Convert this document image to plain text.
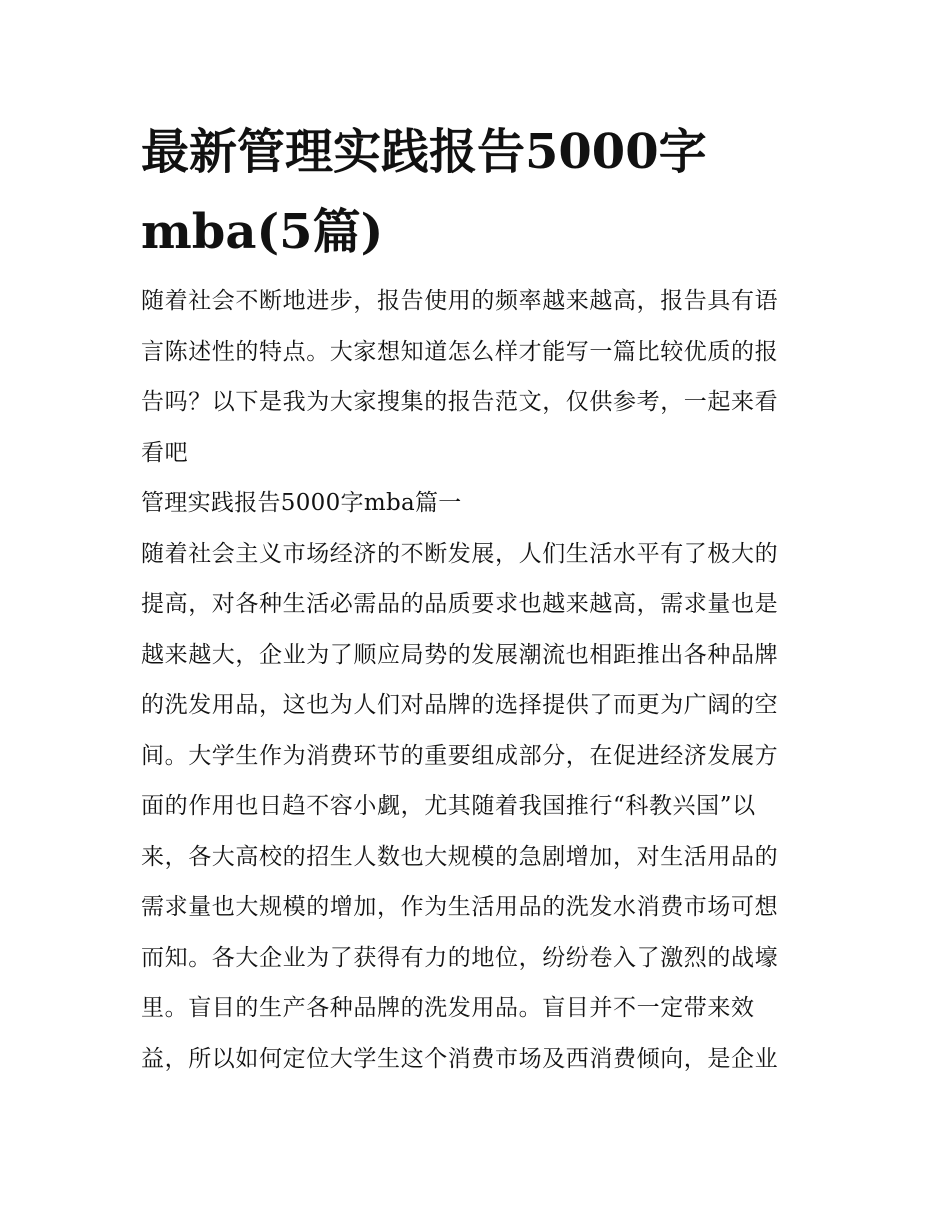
最新管理实践报告5000字
mba(5篇)

随着社会不断地进步，报告使用的频率越来越高，报告具有语
言陈述性的特点。大家想知道怎么样才能写一篇比较优质的报
告吗？以下是我为大家搜集的报告范文，仅供参考，一起来看
看吧

管理实践报告5000字mba篇一

随着社会主义市场经济的不断发展，人们生活水平有了极大的
提高，对各种生活必需品的品质要求也越来越高，需求量也是
越来越大，企业为了顺应局势的发展潮流也相距推出各种品牌
的洗发用品，这也为人们对品牌的选择提供了而更为广阔的空
间。大学生作为消费环节的重要组成部分，在促进经济发展方
面的作用也日趋不容小觑，尤其随着我国推行“科教兴国”以
来，各大高校的招生人数也大规模的急剧增加，对生活用品的
需求量也大规模的增加，作为生活用品的洗发水消费市场可想
而知。各大企业为了获得有力的地位，纷纷卷入了激烈的战壕
里。盲目的生产各种品牌的洗发用品。盲目并不一定带来效
益，所以如何定位大学生这个消费市场及西消费倾向，是企业
